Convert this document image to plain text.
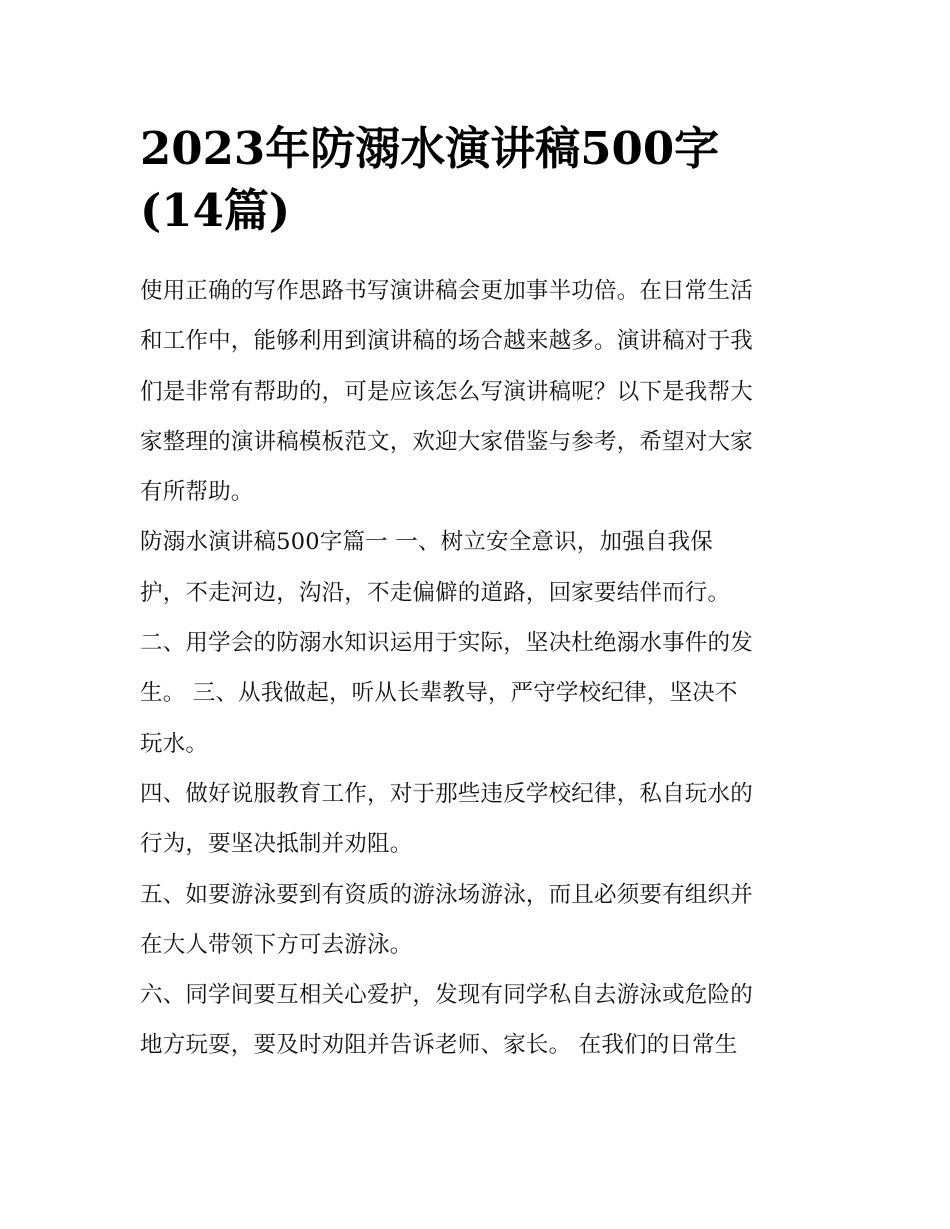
2023年防溺水演讲稿500字
(14篇)
使用正确的写作思路书写演讲稿会更加事半功倍。在日常生活
和工作中，能够利用到演讲稿的场合越来越多。演讲稿对于我
们是非常有帮助的，可是应该怎么写演讲稿呢？以下是我帮大
家整理的演讲稿模板范文，欢迎大家借鉴与参考，希望对大家
有所帮助。
防溺水演讲稿500字篇一 一、树立安全意识，加强自我保
护，不走河边，沟沿，不走偏僻的道路，回家要结伴而行。
二、用学会的防溺水知识运用于实际，坚决杜绝溺水事件的发
生。 三、从我做起，听从长辈教导，严守学校纪律，坚决不
玩水。
四、做好说服教育工作，对于那些违反学校纪律，私自玩水的
行为，要坚决抵制并劝阻。
五、如要游泳要到有资质的游泳场游泳，而且必须要有组织并
在大人带领下方可去游泳。
六、同学间要互相关心爱护，发现有同学私自去游泳或危险的
地方玩耍，要及时劝阻并告诉老师、家长。 在我们的日常生
